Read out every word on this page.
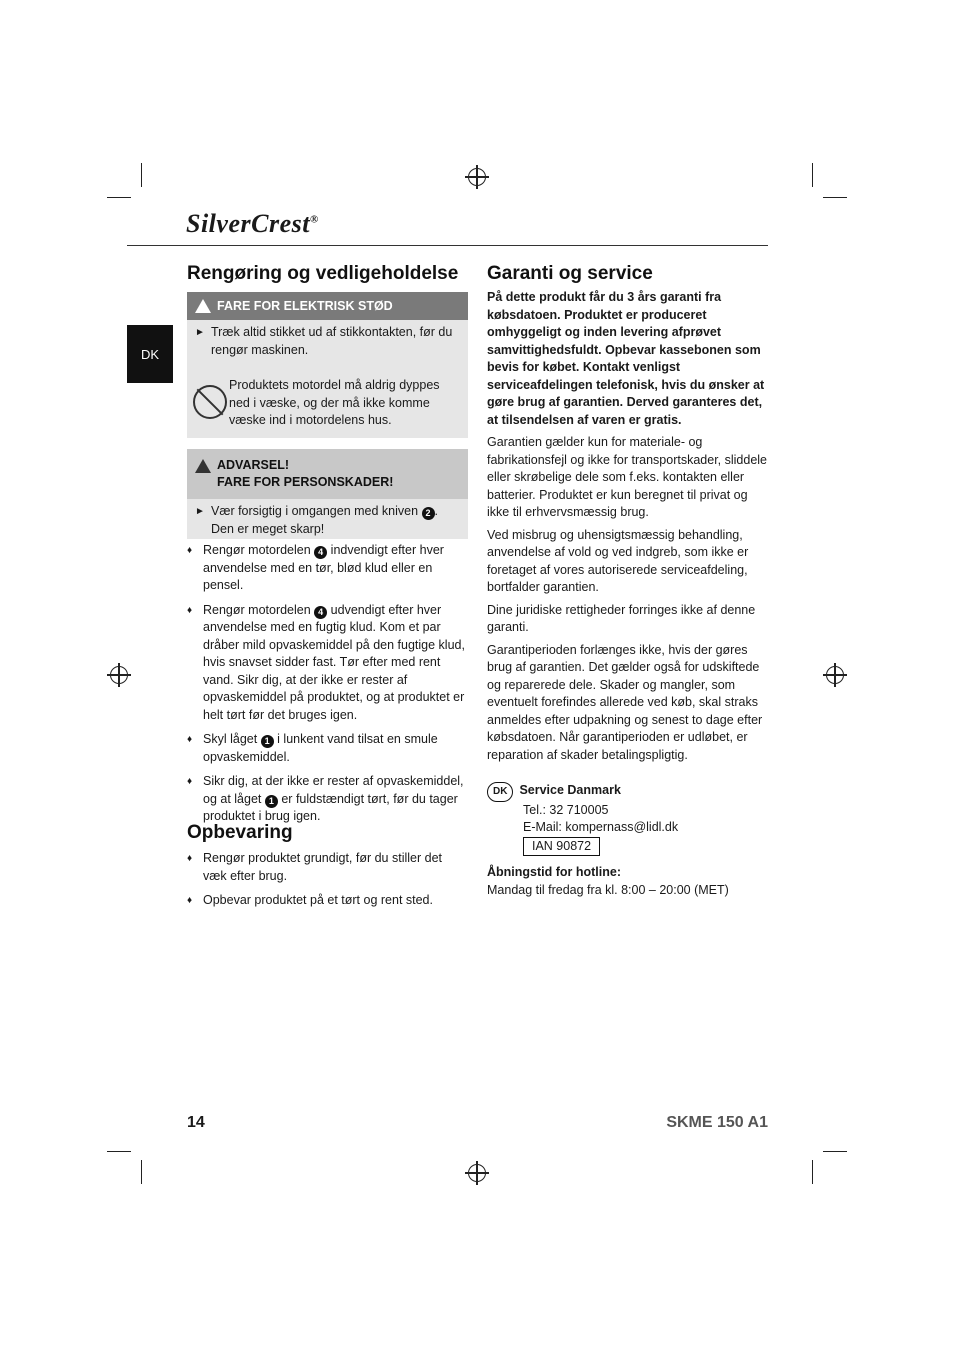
SilverCrest®
DK
Rengøring og vedligeholdelse
FARE FOR ELEKTRISK STØD
► Træk altid stikket ud af stikkontakten, før du rengør maskinen.
Produktets motordel må aldrig dyppes ned i væske, og der må ikke komme væske ind i motordelens hus.
ADVARSEL!
FARE FOR PERSONSKADER!
► Vær forsigtig i omgangen med kniven 2 . Den er meget skarp!
♦ Rengør motordelen 4 indvendigt efter hver anvendelse med en tør, blød klud eller en pensel.
♦ Rengør motordelen 4 udvendigt efter hver anvendelse med en fugtig klud. Kom et par dråber mild opvaskemiddel på den fugtige klud, hvis snavset sidder fast. Tør efter med rent vand. Sikr dig, at der ikke er rester af opvaskemiddel på produktet, og at produktet er helt tørt før det bruges igen.
♦ Skyl låget 1 i lunkent vand tilsat en smule opvaskemiddel.
♦ Sikr dig, at der ikke er rester af opvaskemiddel, og at låget 1 er fuldstændigt tørt, før du tager produktet i brug igen.
Opbevaring
♦ Rengør produktet grundigt, før du stiller det væk efter brug.
♦ Opbevar produktet på et tørt og rent sted.
Garanti og service

På dette produkt får du 3 års garanti fra købsdatoen. Produktet er produceret omhyggeligt og inden levering afprøvet samvittighedsfuldt. Opbevar kassebonen som bevis for købet. Kontakt venligst serviceafdelingen telefonisk, hvis du ønsker at gøre brug af garantien. Derved garanteres det, at tilsendelsen af varen er gratis.

Garantien gælder kun for materiale- og fabrikationsfejl og ikke for transportskader, sliddele eller skrøbelige dele som f.eks. kontakten eller batterier. Produktet er kun beregnet til privat og ikke til erhvervsmæssig brug.

Ved misbrug og uhensigtsmæssig behandling, anvendelse af vold og ved indgreb, som ikke er foretaget af vores autoriserede serviceafdeling, bortfalder garantien.

Dine juridiske rettigheder forringes ikke af denne garanti.

Garantiperioden forlænges ikke, hvis der gøres brug af garantien. Det gælder også for udskiftede og reparerede dele. Skader og mangler, som eventuelt forefindes allerede ved køb, skal straks anmeldes efter udpakning og senest to dage efter købsdatoen. Når garantiperioden er udløbet, er reparation af skader betalingspligtig.

DK Service Danmark
Tel.: 32 710005
E-Mail: kompernass@lidl.dk
IAN 90872
Åbningstid for hotline:
Mandag til fredag fra kl. 8:00 – 20:00 (MET)
14	SKME 150 A1
